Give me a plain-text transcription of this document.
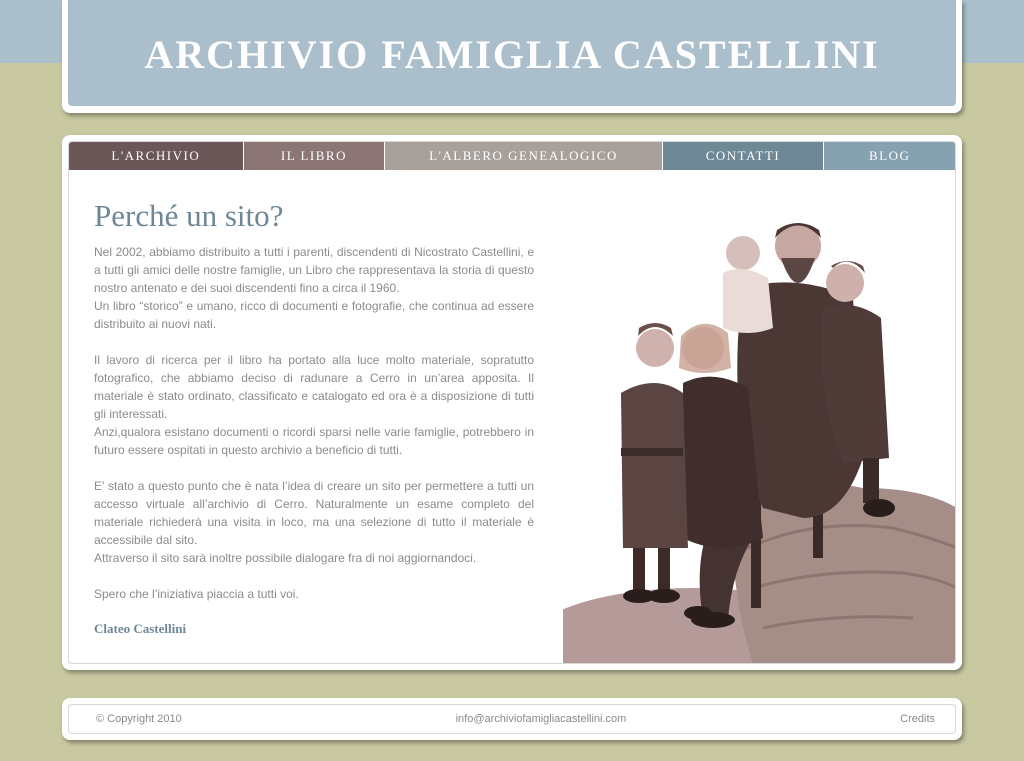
ARCHIVIO FAMIGLIA CASTELLINI
L'ARCHIVIO	IL LIBRO	L'ALBERO GENEALOGICO	CONTATTI	BLOG
Perché un sito?
Nel 2002, abbiamo distribuito a tutti i parenti, discendenti di Nicostrato Castellini, e a tutti gli amici delle nostre famiglie, un Libro che rappresentava la storia di questo nostro antenato e dei suoi discendenti fino a circa il 1960.
Un libro “storico” e umano, ricco di documenti e fotografie, che continua ad essere distribuito ai nuovi nati.
Il lavoro di ricerca per il libro ha portato alla luce molto materiale, sopratutto fotografico, che abbiamo deciso di radunare a Cerro in un’area apposita. Il materiale è stato ordinato, classificato e catalogato ed ora è a disposizione di tutti gli interessati.
Anzi,qualora esistano documenti o ricordi sparsi nelle varie famiglie, potrebbero in futuro essere ospitati in questo archivio a beneficio di tutti.
E’ stato a questo punto che è nata l’idea di creare un sito per permettere a tutti un accesso virtuale all’archivio di Cerro. Naturalmente un esame completo del materiale richiederà una visita in loco, ma una selezione di tutto il materiale è accessibile dal sito.
Attraverso il sito sarà inoltre possibile dialogare fra di noi aggiornandoci.
Spero che l’iniziativa piaccia a tutti voi.
Clateo Castellini
© Copyright 2010	info@archiviofamigliacastellini.com	Credits
